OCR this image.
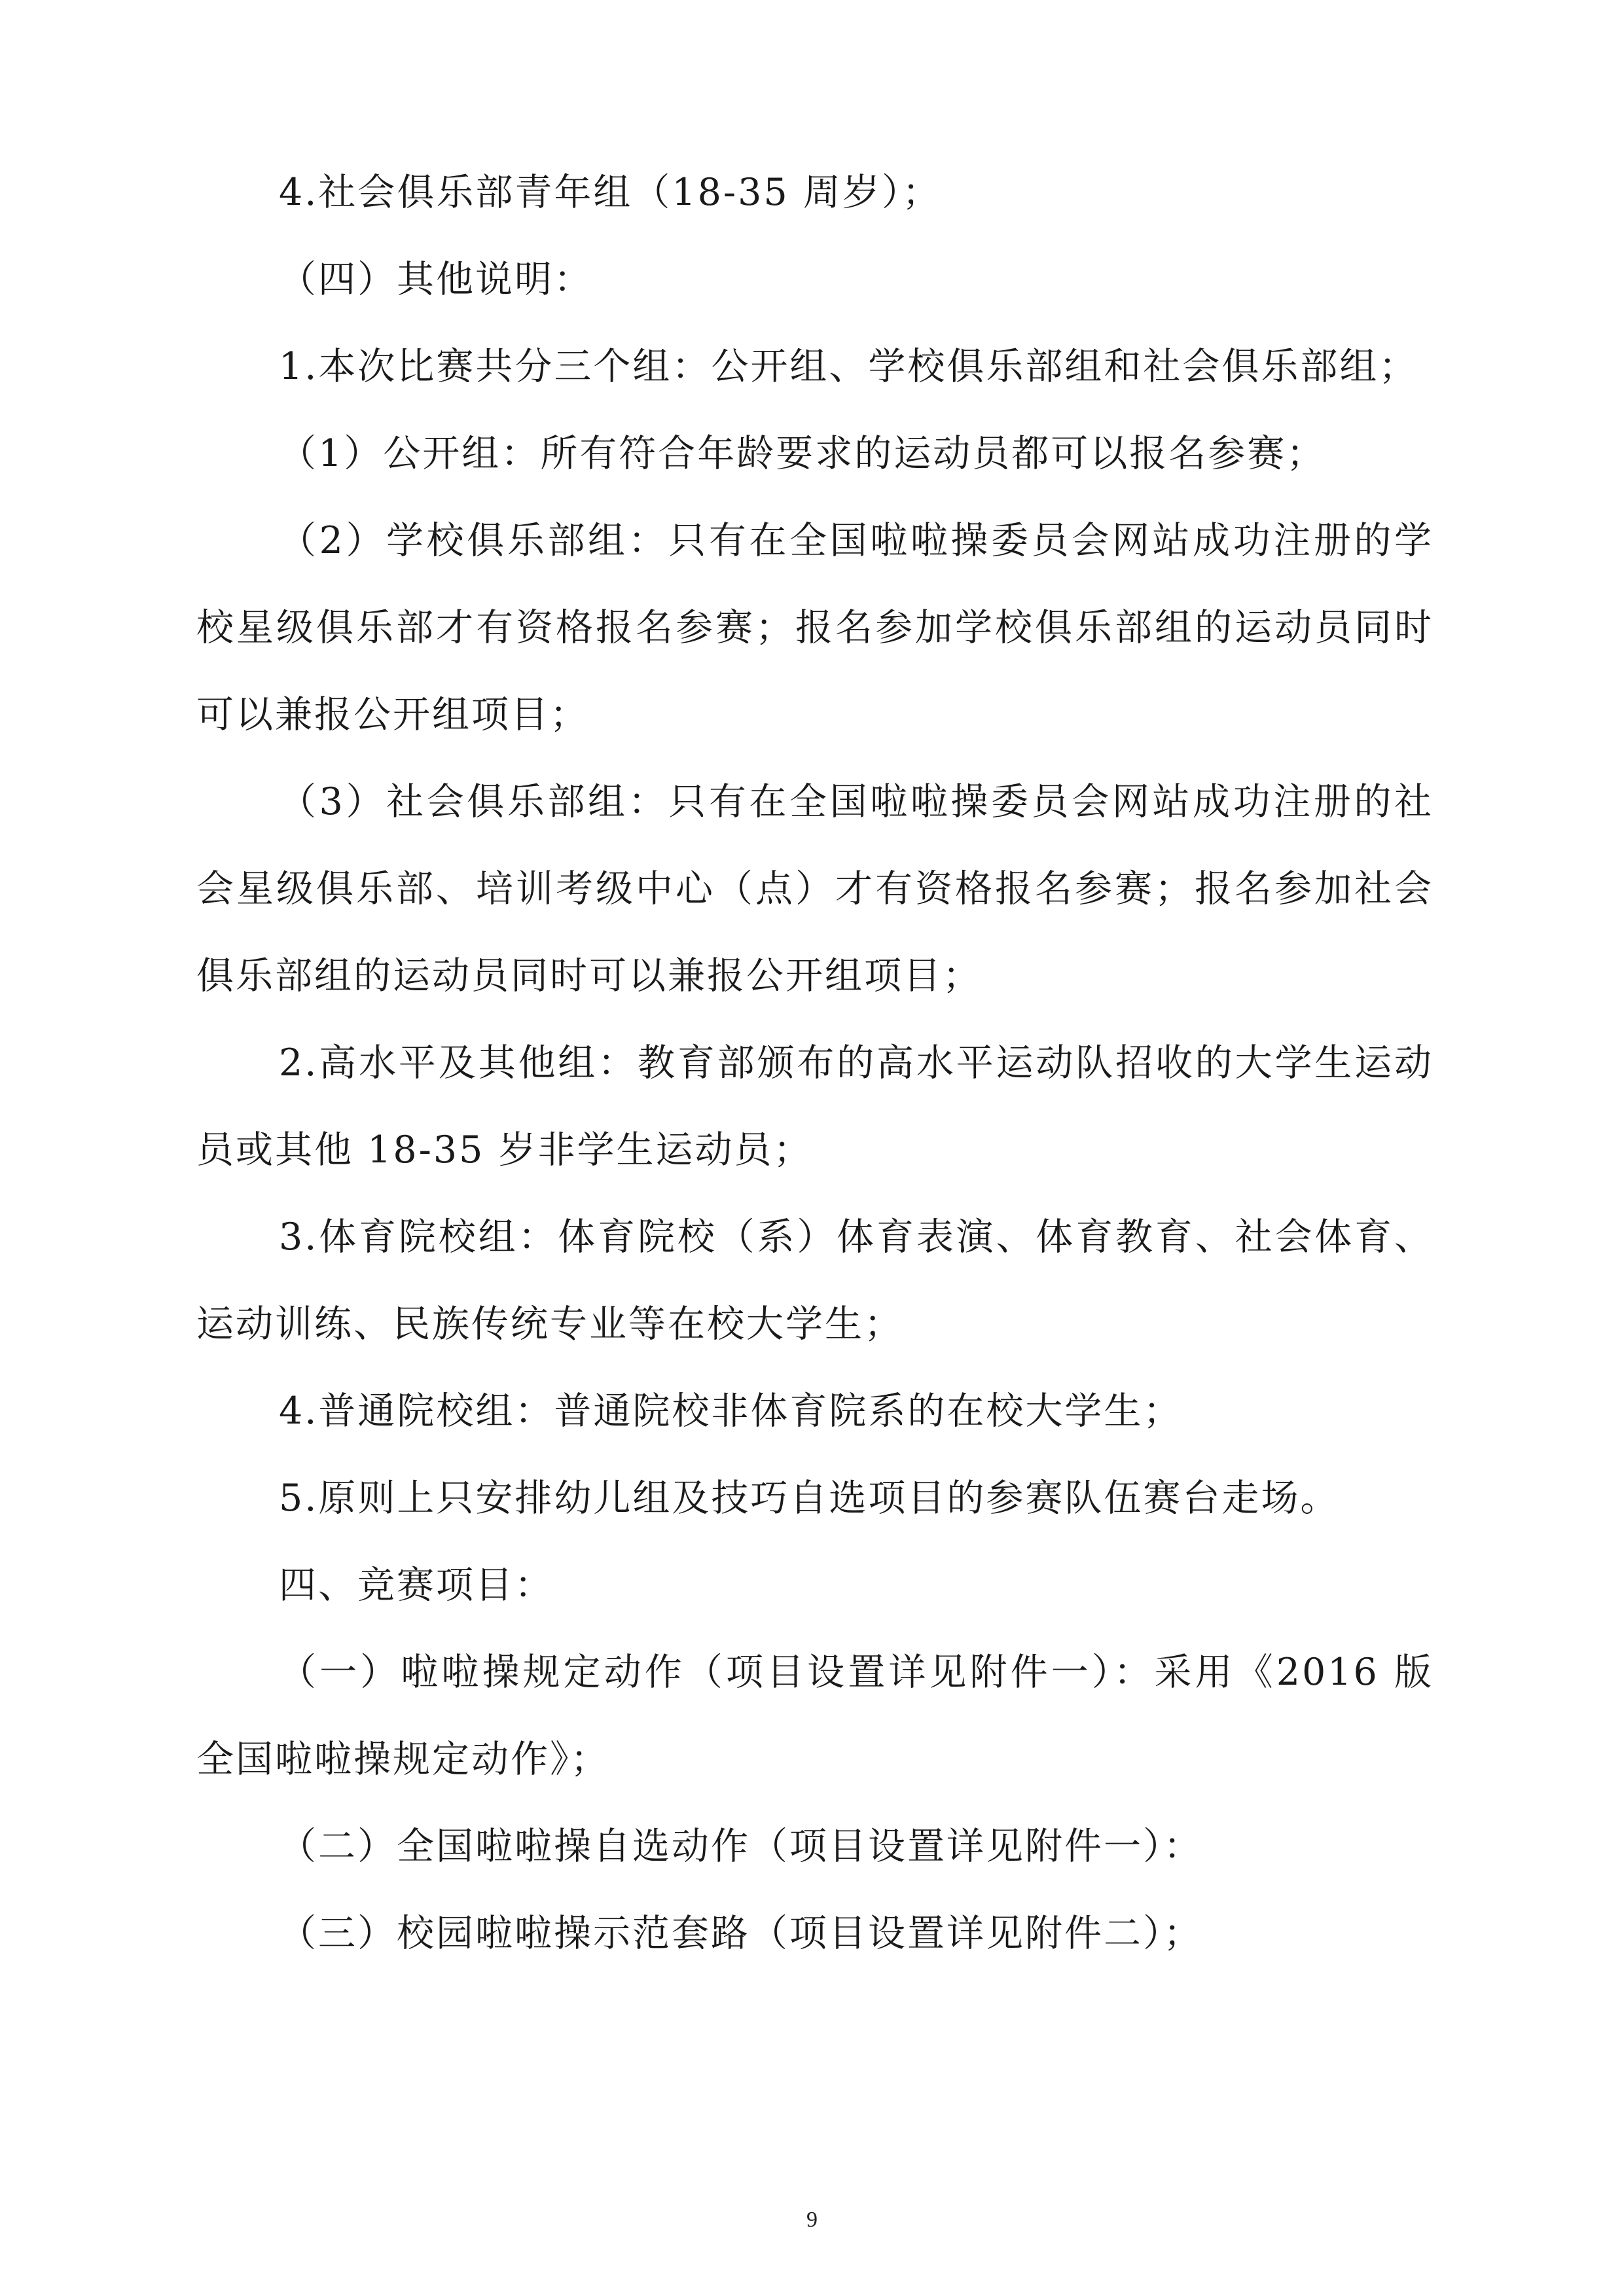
4.社会俱乐部青年组（18-35 周岁）；

（四）其他说明：

1.本次比赛共分三个组：公开组、学校俱乐部组和社会俱乐部组；

（1）公开组：所有符合年龄要求的运动员都可以报名参赛；

（2）学校俱乐部组：只有在全国啦啦操委员会网站成功注册的学校星级俱乐部才有资格报名参赛；报名参加学校俱乐部组的运动员同时可以兼报公开组项目；

（3）社会俱乐部组：只有在全国啦啦操委员会网站成功注册的社会星级俱乐部、培训考级中心（点）才有资格报名参赛；报名参加社会俱乐部组的运动员同时可以兼报公开组项目；

2.高水平及其他组：教育部颁布的高水平运动队招收的大学生运动员或其他 18-35 岁非学生运动员；

3.体育院校组：体育院校（系）体育表演、体育教育、社会体育、运动训练、民族传统专业等在校大学生；

4.普通院校组：普通院校非体育院系的在校大学生；

5.原则上只安排幼儿组及技巧自选项目的参赛队伍赛台走场。

四、竞赛项目：

（一）啦啦操规定动作（项目设置详见附件一）：采用《2016 版全国啦啦操规定动作》；

（二）全国啦啦操自选动作（项目设置详见附件一）：

（三）校园啦啦操示范套路（项目设置详见附件二）；

9
